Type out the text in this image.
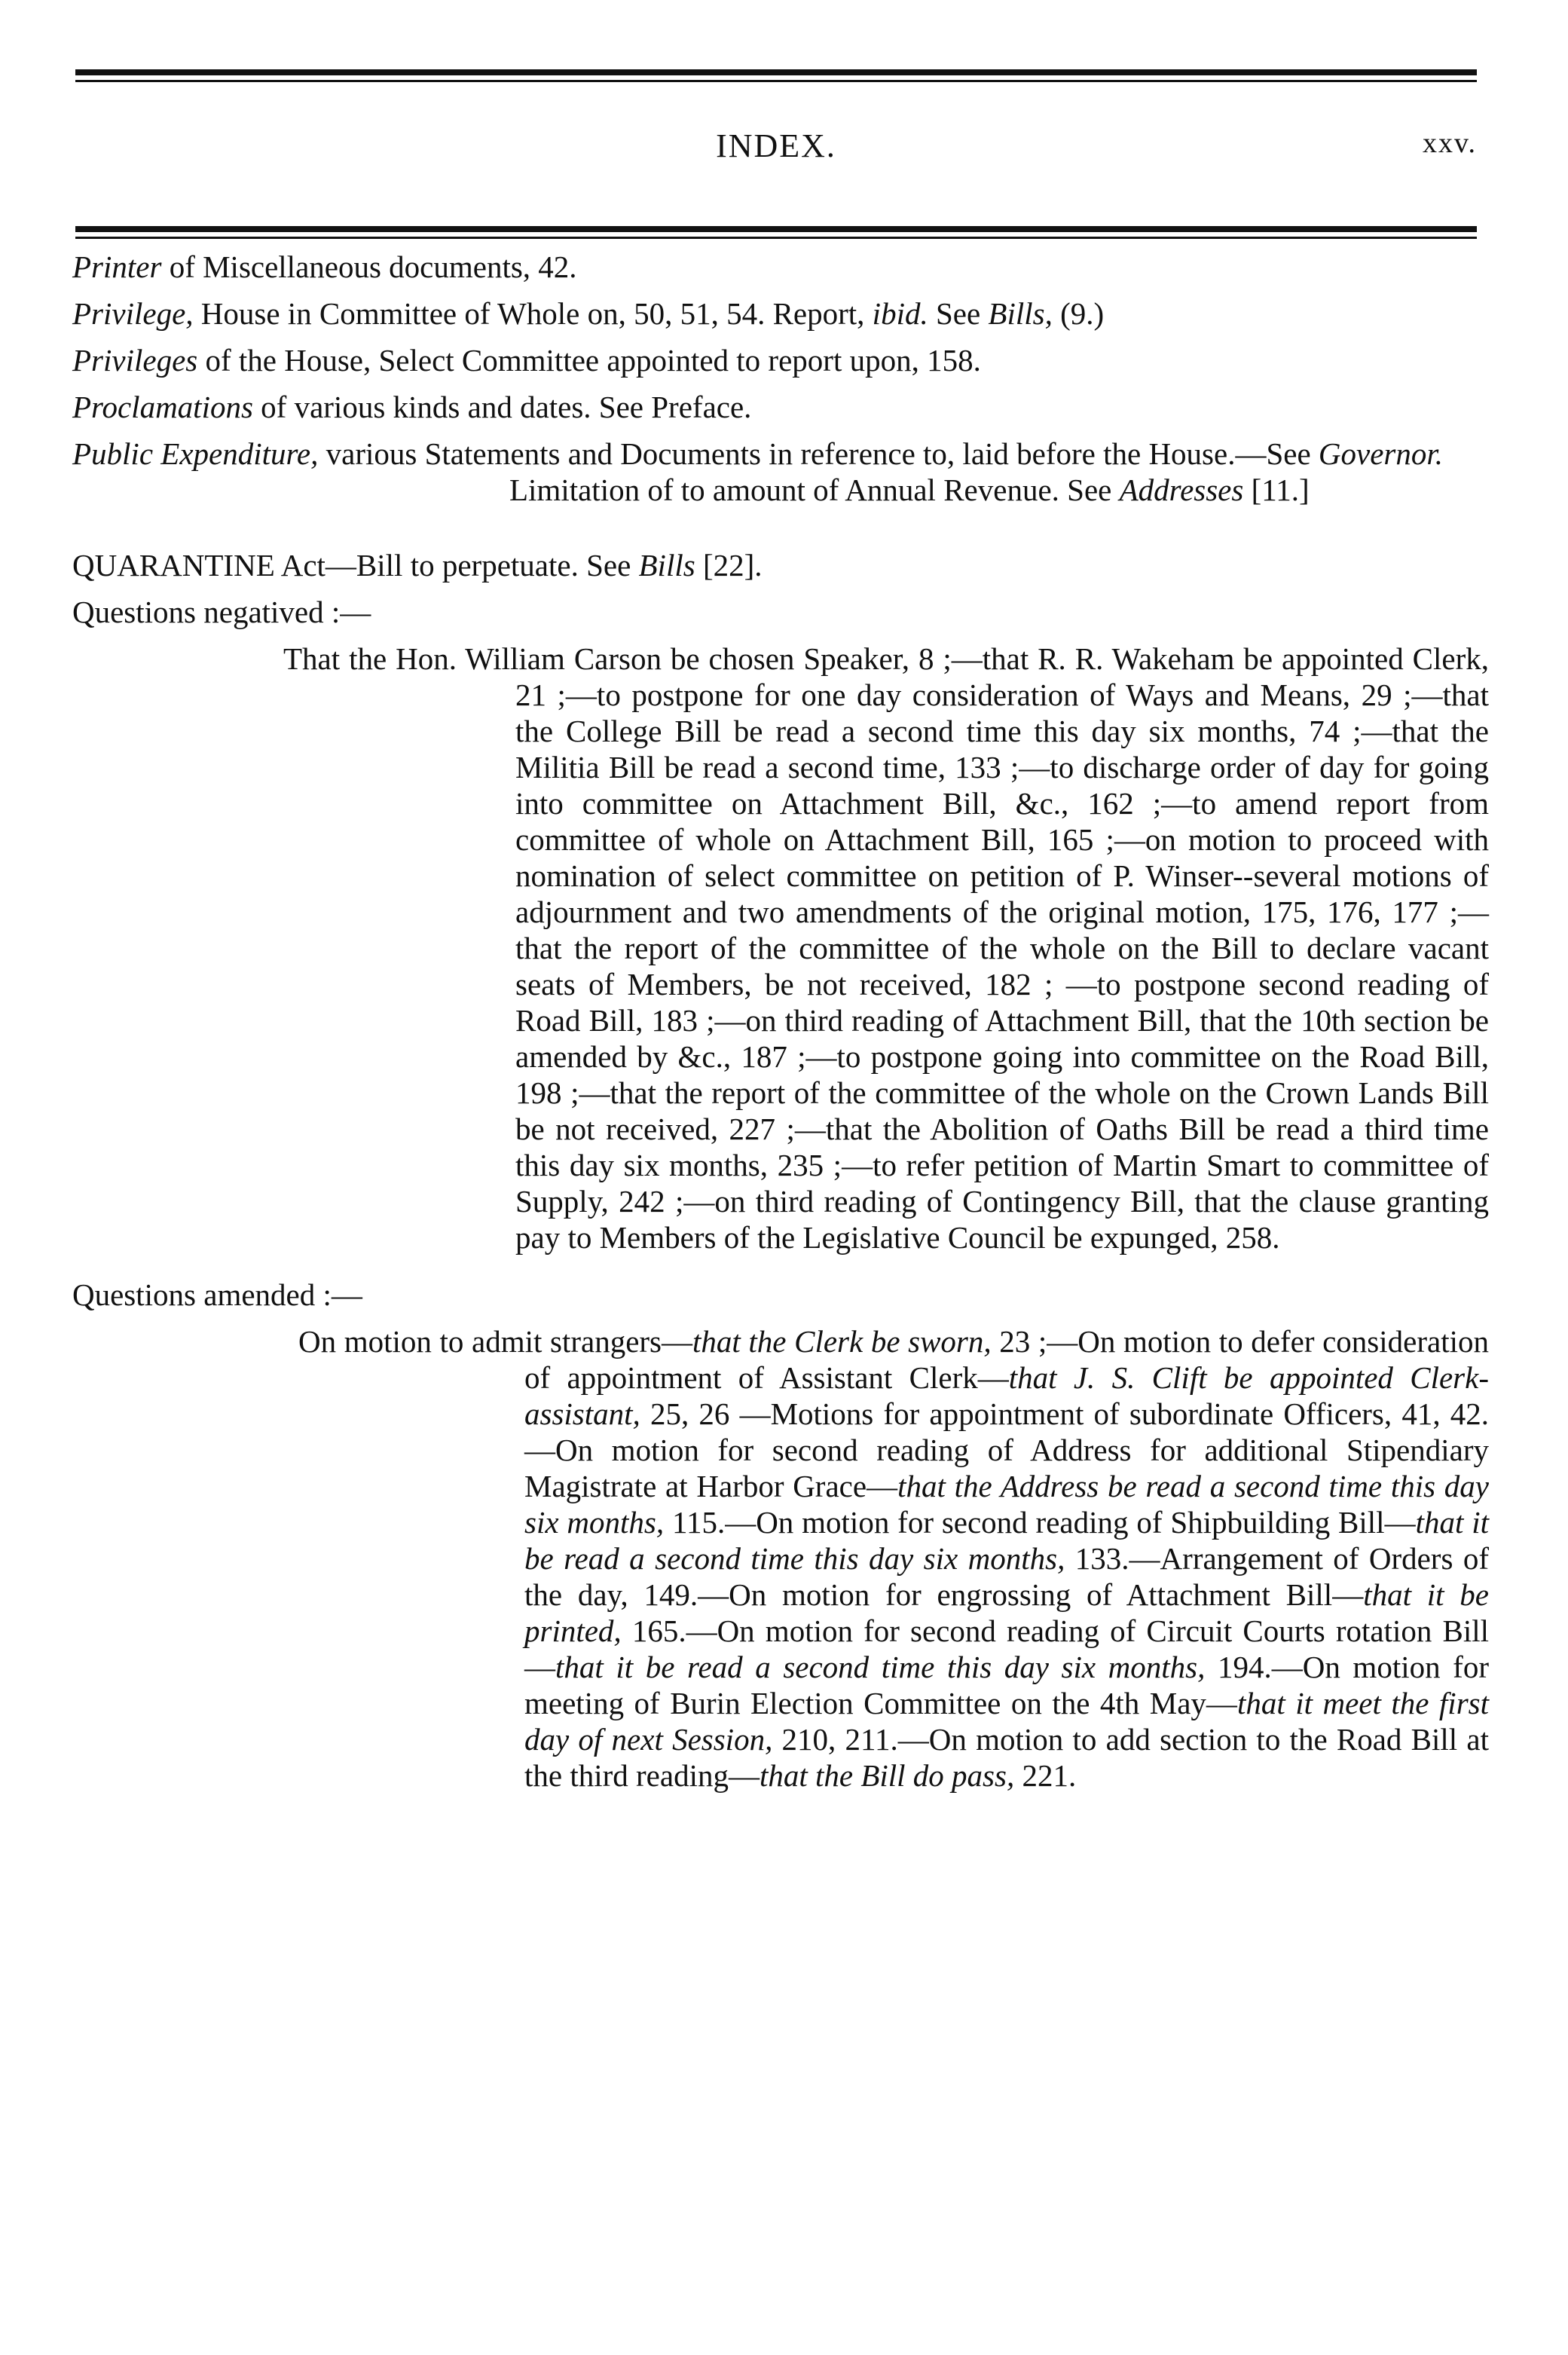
INDEX.	xxv.

Printer of Miscellaneous documents, 42.

Privilege, House in Committee of Whole on, 50, 51, 54. Report, ibid. See Bills, (9.)

Privileges of the House, Select Committee appointed to report upon, 158.

Proclamations of various kinds and dates. See Preface.

Public Expenditure, various Statements and Documents in reference to, laid before the House.—See Governor. Limitation of to amount of Annual Revenue. See Addresses [11.]

QUARANTINE Act—Bill to perpetuate. See Bills [22].

Questions negatived :—

That the Hon. William Carson be chosen Speaker, 8 ;—that R. R. Wakeham be appointed Clerk, 21 ;—to postpone for one day consideration of Ways and Means, 29 ;—that the College Bill be read a second time this day six months, 74 ;—that the Militia Bill be read a second time, 133 ;—to discharge order of day for going into committee on Attachment Bill, &c., 162 ;—to amend report from committee of whole on Attachment Bill, 165 ;—on motion to proceed with nomination of select committee on petition of P. Winser--several motions of adjournment and two amendments of the original motion, 175, 176, 177 ;—that the report of the committee of the whole on the Bill to declare vacant seats of Members, be not received, 182 ; —to postpone second reading of Road Bill, 183 ;—on third reading of Attachment Bill, that the 10th section be amended by &c., 187 ;—to postpone going into committee on the Road Bill, 198 ;—that the report of the committee of the whole on the Crown Lands Bill be not received, 227 ;—that the Abolition of Oaths Bill be read a third time this day six months, 235 ;—to refer petition of Martin Smart to committee of Supply, 242 ;—on third reading of Contingency Bill, that the clause granting pay to Members of the Legislative Council be expunged, 258.

Questions amended :—

On motion to admit strangers—that the Clerk be sworn, 23 ;—On motion to defer consideration of appointment of Assistant Clerk—that J. S. Clift be appointed Clerk-assistant, 25, 26 —Motions for appointment of subordinate Officers, 41, 42.—On motion for second reading of Address for additional Stipendiary Magistrate at Harbor Grace—that the Address be read a second time this day six months, 115.—On motion for second reading of Shipbuilding Bill—that it be read a second time this day six months, 133.—Arrangement of Orders of the day, 149.—On motion for engrossing of Attachment Bill—that it be printed, 165.—On motion for second reading of Circuit Courts rotation Bill—that it be read a second time this day six months, 194.—On motion for meeting of Burin Election Committee on the 4th May—that it meet the first day of next Session, 210, 211.—On motion to add section to the Road Bill at the third reading—that the Bill do pass, 221.
